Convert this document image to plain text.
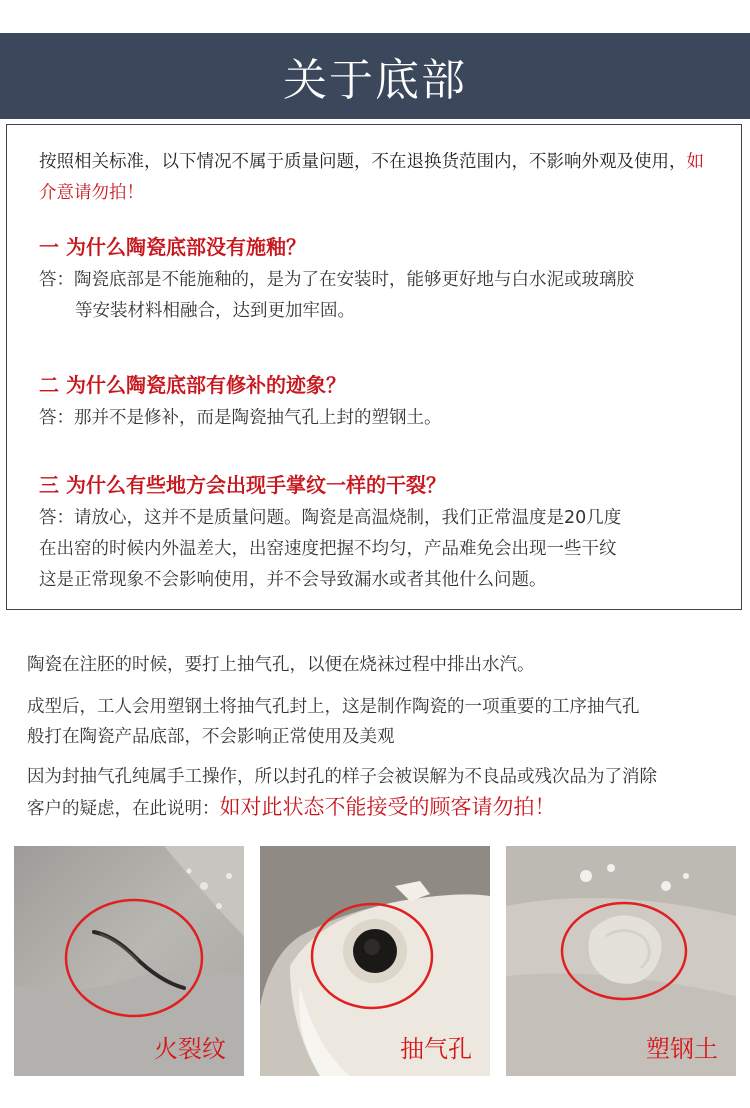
关于底部
按照相关标准，以下情况不属于质量问题，不在退换货范围内，不影响外观及使用，如介意请勿拍！
一 为什么陶瓷底部没有施釉？
答：陶瓷底部是不能施釉的，是为了在安装时，能够更好地与白水泥或玻璃胶
等安装材料相融合，达到更加牢固。
二 为什么陶瓷底部有修补的迹象？
答：那并不是修补，而是陶瓷抽气孔上封的塑钢土。
三 为什么有些地方会出现手掌纹一样的干裂？
答：请放心，这并不是质量问题。陶瓷是高温烧制，我们正常温度是20几度
在出窑的时候内外温差大，出窑速度把握不均匀，产品难免会出现一些干纹
这是正常现象不会影响使用，并不会导致漏水或者其他什么问题。
陶瓷在注胚的时候，要打上抽气孔，以便在烧袜过程中排出水汽。
成型后，工人会用塑钢土将抽气孔封上，这是制作陶瓷的一项重要的工序抽气孔
般打在陶瓷产品底部，不会影响正常使用及美观
因为封抽气孔纯属手工操作，所以封孔的样子会被误解为不良品或残次品为了消除
客户的疑虑，在此说明：如对此状态不能接受的顾客请勿拍！
火裂纹	抽气孔	塑钢土
